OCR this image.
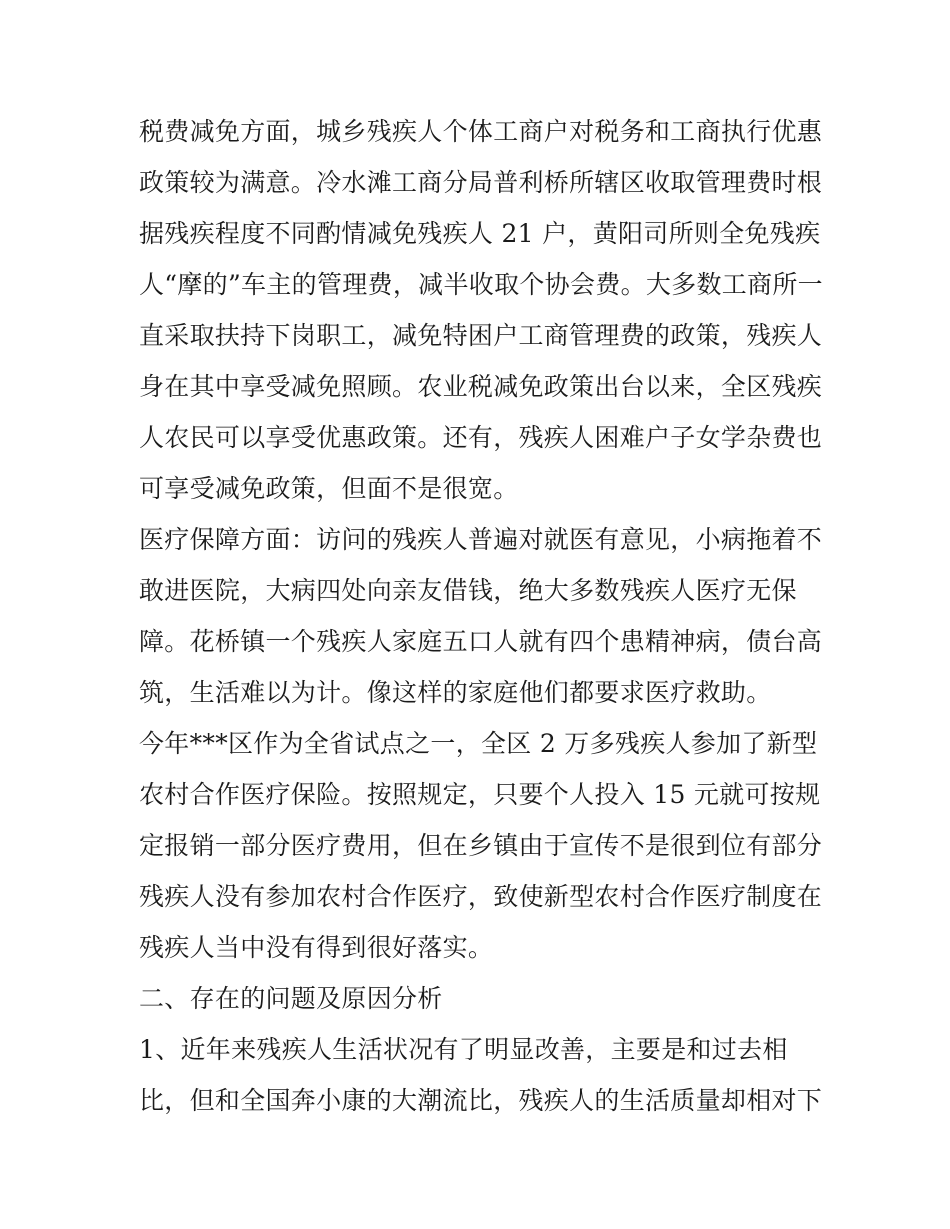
税费减免方面，城乡残疾人个体工商户对税务和工商执行优惠
政策较为满意。冷水滩工商分局普利桥所辖区收取管理费时根
据残疾程度不同酌情减免残疾人 21 户，黄阳司所则全免残疾
人“摩的”车主的管理费，减半收取个协会费。大多数工商所一
直采取扶持下岗职工，减免特困户工商管理费的政策，残疾人
身在其中享受减免照顾。农业税减免政策出台以来，全区残疾
人农民可以享受优惠政策。还有，残疾人困难户子女学杂费也
可享受减免政策，但面不是很宽。
医疗保障方面：访问的残疾人普遍对就医有意见，小病拖着不
敢进医院，大病四处向亲友借钱，绝大多数残疾人医疗无保
障。花桥镇一个残疾人家庭五口人就有四个患精神病，债台高
筑，生活难以为计。像这样的家庭他们都要求医疗救助。
今年***区作为全省试点之一，全区 2 万多残疾人参加了新型
农村合作医疗保险。按照规定，只要个人投入 15 元就可按规
定报销一部分医疗费用，但在乡镇由于宣传不是很到位有部分
残疾人没有参加农村合作医疗，致使新型农村合作医疗制度在
残疾人当中没有得到很好落实。
二、存在的问题及原因分析
1、近年来残疾人生活状况有了明显改善，主要是和过去相
比，但和全国奔小康的大潮流比，残疾人的生活质量却相对下
